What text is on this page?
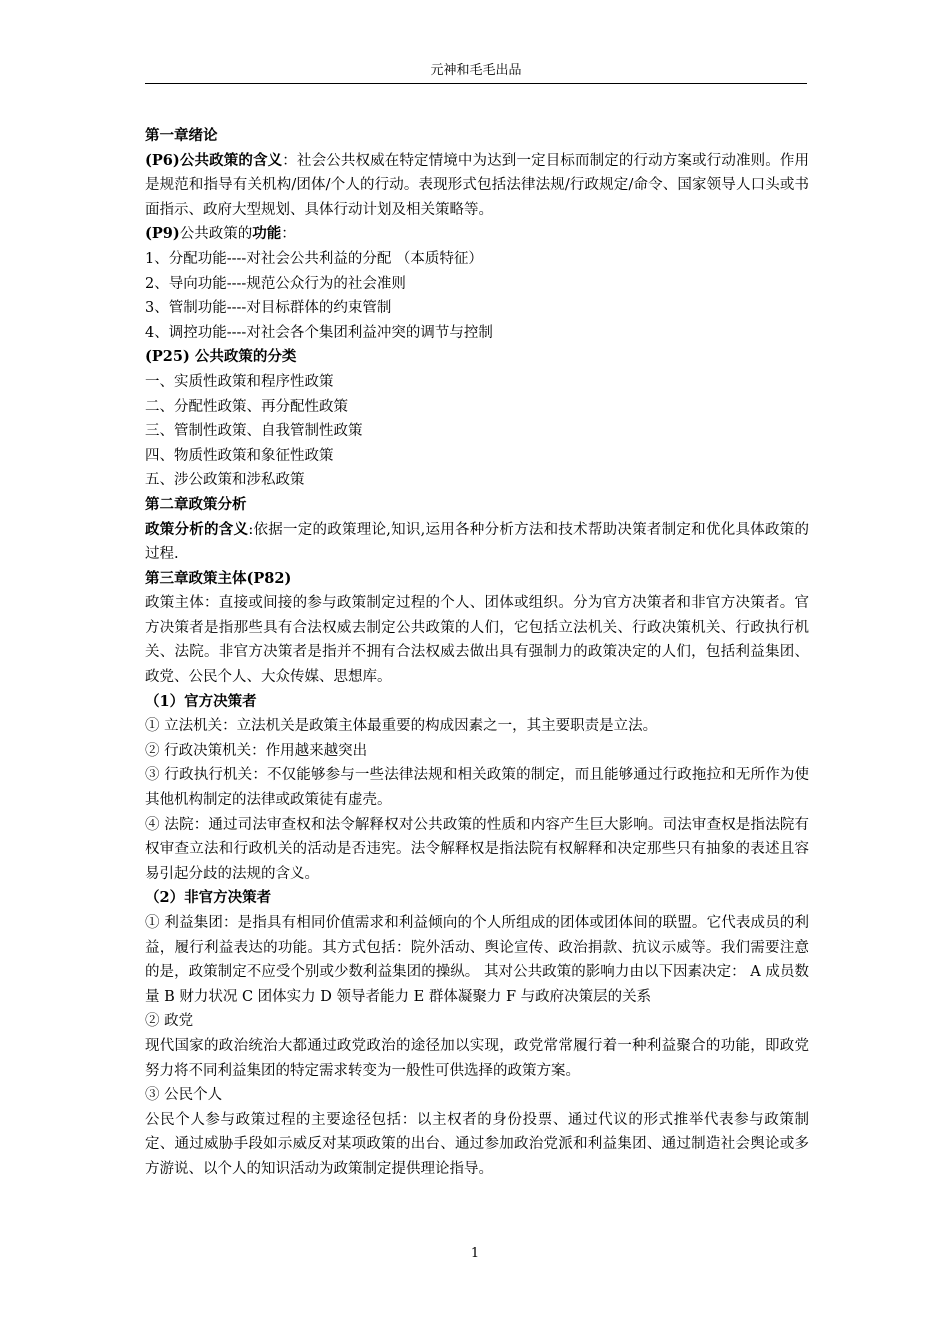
元神和毛毛出品

第一章绪论

(P6)公共政策的含义：社会公共权威在特定情境中为达到一定目标而制定的行动方案或行动准则。作用是规范和指导有关机构/团体/个人的行动。表现形式包括法律法规/行政规定/命令、国家领导人口头或书面指示、政府大型规划、具体行动计划及相关策略等。

(P9)公共政策的功能：

1、分配功能----对社会公共利益的分配 （本质特征）

2、导向功能----规范公众行为的社会准则

3、管制功能----对目标群体的约束管制

4、调控功能----对社会各个集团利益冲突的调节与控制

(P25) 公共政策的分类

一、实质性政策和程序性政策

二、分配性政策、再分配性政策

三、管制性政策、自我管制性政策

四、物质性政策和象征性政策

五、涉公政策和涉私政策

第二章政策分析

政策分析的含义:依据一定的政策理论,知识,运用各种分析方法和技术帮助决策者制定和优化具体政策的过程.

第三章政策主体(P82)

政策主体：直接或间接的参与政策制定过程的个人、团体或组织。分为官方决策者和非官方决策者。官方决策者是指那些具有合法权威去制定公共政策的人们，它包括立法机关、行政决策机关、行政执行机关、法院。非官方决策者是指并不拥有合法权威去做出具有强制力的政策决定的人们，包括利益集团、政党、公民个人、大众传媒、思想库。

（1）官方决策者

① 立法机关：立法机关是政策主体最重要的构成因素之一，其主要职责是立法。

② 行政决策机关：作用越来越突出

③ 行政执行机关：不仅能够参与一些法律法规和相关政策的制定，而且能够通过行政拖拉和无所作为使其他机构制定的法律或政策徒有虚壳。

④ 法院：通过司法审查权和法令解释权对公共政策的性质和内容产生巨大影响。司法审查权是指法院有权审查立法和行政机关的活动是否违宪。法令解释权是指法院有权解释和决定那些只有抽象的表述且容易引起分歧的法规的含义。

（2）非官方决策者

① 利益集团：是指具有相同价值需求和利益倾向的个人所组成的团体或团体间的联盟。它代表成员的利益，履行利益表达的功能。其方式包括：院外活动、舆论宣传、政治捐款、抗议示威等。我们需要注意的是，政策制定不应受个别或少数利益集团的操纵。 其对公共政策的影响力由以下因素决定： A 成员数量 B 财力状况 C 团体实力 D 领导者能力 E 群体凝聚力 F 与政府决策层的关系

② 政党

现代国家的政治统治大都通过政党政治的途径加以实现，政党常常履行着一种利益聚合的功能，即政党努力将不同利益集团的特定需求转变为一般性可供选择的政策方案。

③ 公民个人

公民个人参与政策过程的主要途径包括：以主权者的身份投票、通过代议的形式推举代表参与政策制定、通过威胁手段如示威反对某项政策的出台、通过参加政治党派和利益集团、通过制造社会舆论或多方游说、以个人的知识活动为政策制定提供理论指导。

1
